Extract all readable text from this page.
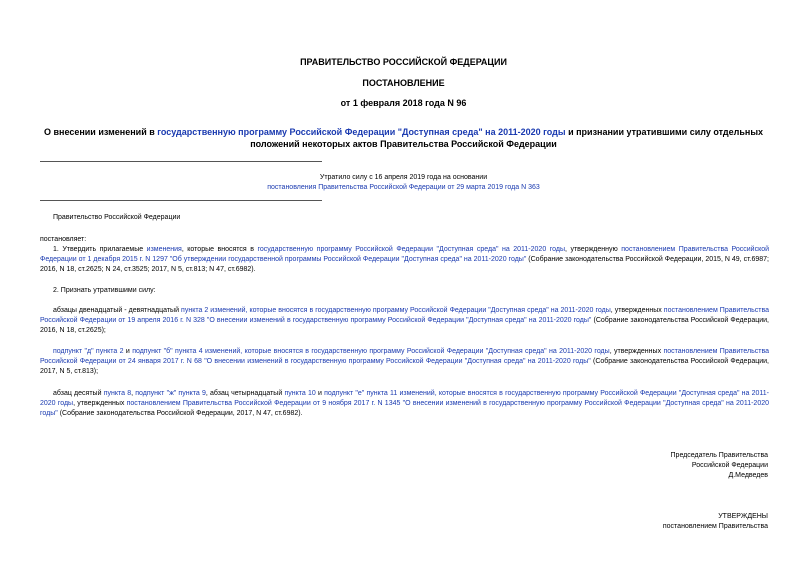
ПРАВИТЕЛЬСТВО РОССИЙСКОЙ ФЕДЕРАЦИИ
ПОСТАНОВЛЕНИЕ
от 1 февраля 2018 года N 96
О внесении изменений в государственную программу Российской Федерации "Доступная среда" на 2011-2020 годы и признании утратившими силу отдельных положений некоторых актов Правительства Российской Федерации
Утратило силу с 16 апреля 2019 года на основании
постановления Правительства Российской Федерации от 29 марта 2019 года N 363
Правительство Российской Федерации
постановляет:
1. Утвердить прилагаемые изменения, которые вносятся в государственную программу Российской Федерации "Доступная среда" на 2011-2020 годы, утвержденную постановлением Правительства Российской Федерации от 1 декабря 2015 г. N 1297 "Об утверждении государственной программы Российской Федерации "Доступная среда" на 2011-2020 годы" (Собрание законодательства Российской Федерации, 2015, N 49, ст.6987; 2016, N 18, ст.2625; N 24, ст.3525; 2017, N 5, ст.813; N 47, ст.6982).
2. Признать утратившими силу:
абзацы двенадцатый - девятнадцатый пункта 2 изменений, которые вносятся в государственную программу Российской Федерации "Доступная среда" на 2011-2020 годы, утвержденных постановлением Правительства Российской Федерации от 19 апреля 2016 г. N 328 "О внесении изменений в государственную программу Российской Федерации "Доступная среда" на 2011-2020 годы" (Собрание законодательства Российской Федерации, 2016, N 18, ст.2625);
подпункт "д" пункта 2 и подпункт "б" пункта 4 изменений, которые вносятся в государственную программу Российской Федерации "Доступная среда" на 2011-2020 годы, утвержденных постановлением Правительства Российской Федерации от 24 января 2017 г. N 68 "О внесении изменений в государственную программу Российской Федерации "Доступная среда" на 2011-2020 годы" (Собрание законодательства Российской Федерации, 2017, N 5, ст.813);
абзац десятый пункта 8, подпункт "ж" пункта 9, абзац четырнадцатый пункта 10 и подпункт "е" пункта 11 изменений, которые вносятся в государственную программу Российской Федерации "Доступная среда" на 2011-2020 годы, утвержденных постановлением Правительства Российской Федерации от 9 ноября 2017 г. N 1345 "О внесении изменений в государственную программу Российской Федерации "Доступная среда" на 2011-2020 годы" (Собрание законодательства Российской Федерации, 2017, N 47, ст.6982).
Председатель Правительства
Российской Федерации
Д.Медведев
УТВЕРЖДЕНЫ
постановлением Правительства
